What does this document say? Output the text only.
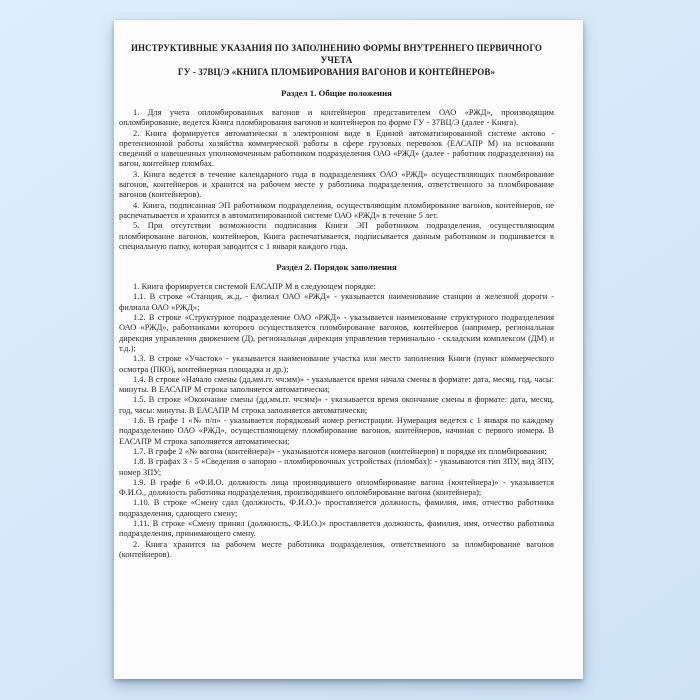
ИНСТРУКТИВНЫЕ УКАЗАНИЯ ПО ЗАПОЛНЕНИЮ ФОРМЫ ВНУТРЕННЕГО ПЕРВИЧНОГО УЧЕТА
ГУ - 37ВЦ/Э «КНИГА ПЛОМБИРОВАНИЯ ВАГОНОВ И КОНТЕЙНЕРОВ»
Раздел 1. Общие положения

1. Для учета опломбированных вагонов и контейнеров представителем ОАО «РЖД», производящим опломбирование, ведется Книга пломбирования вагонов и контейнеров по форме ГУ - 37ВЦ/Э (далее - Книга).

2. Книга формируется автоматически в электронном виде в Единой автоматизированной системе актово - претензионной работы хозяйства коммерческой работы в сфере грузовых перевозок (ЕАСАПР М) на основании сведений о навешенных уполномоченным работником подразделения ОАО «РЖД» (далее - работник подразделения) на вагон, контейнер пломбах.

3. Книга ведется в течение календарного года в подразделениях ОАО «РЖД» осуществляющих пломбирование вагонов, контейнеров и хранится на рабочем месте у работника подразделения, ответственного за пломбирование вагонов (контейнеров).

4. Книга, подписанная ЭП работником подразделения, осуществляющим пломбирование вагонов, контейнеров, не распечатывается и хранится в автоматизированной системе ОАО «РЖД» в течение 5 лет.

5. При отсутствии возможности подписания Книги ЭП работником подразделения, осуществляющим пломбирование вагонов, контейнеров, Книга распечатывается, подписывается данным работником и подшивается в специальную папку, которая заводится с 1 января каждого года.

Раздел 2. Порядок заполнения

1. Книга формируется системой ЕАСАПР М в следующем порядке:

1.1. В строке «Станция, ж.д. - филиал ОАО «РЖД» - указывается наименование станции и железной дороги - филиала ОАО «РЖД»;

1.2. В строке «Структурное подразделение ОАО «РЖД» - указывается наименование структурного подразделения ОАО «РЖД», работниками которого осуществляется пломбирование вагонов, контейнеров (например, региональная дирекция управления движением (Д), региональная дирекция управления терминально - складским комплексом (ДМ) и т.д.);

1.3. В строке «Участок» - указывается наименование участка или место заполнения Книги (пункт коммерческого осмотра (ПКО), контейнерная площадка и др.);

1.4. В строке «Начало смены (дд.мм.гг. чч:мм)» - указывается время начала смены в формате: дата, месяц, год, часы: минуты. В ЕАСАПР М строка заполняется автоматически;

1.5. В строке «Окончание смены (дд.мм.гг. чч:мм)» - указывается время окончание смены в формате: дата, месяц, год, часы: минуты. В ЕАСАПР М строка заполняется автоматически;

1.6. В графе 1 «№ п/п» - указывается порядковый номер регистрации. Нумерация ведется с 1 января по каждому подразделению ОАО «РЖД», осуществляющему пломбирование вагонов, контейнеров, начиная с первого номера. В ЕАСАПР М строка заполняется автоматически;

1.7. В графе 2 «№ вагона (контейнера)» - указываются номера вагонов (контейнеров) в порядке их пломбирования;

1.8. В графах 3 - 5 «Сведения о запорно - пломбировочных устройствах (пломбах): - указываются тип ЗПУ, вид ЗПУ, номер ЗПУ;

1.9. В графе 6 «Ф.И.О. должность лица производившего опломбирование вагона (контейнера)» - указывается Ф.И.О., должность работника подразделения, производившего опломбирование вагона (контейнера);

1.10. В строке «Смену сдал (должность, Ф.И.О.)» проставляется должность, фамилия, имя, отчество работника подразделения, сдающего смену;

1.11. В строке «Смену принял (должность, Ф.И.О.)» проставляется должность, фамилия, имя, отчество работника подразделения, принимающего смену.

2. Книга хранится на рабочем месте работника подразделения, ответственного за пломбирование вагонов (контейнеров).
